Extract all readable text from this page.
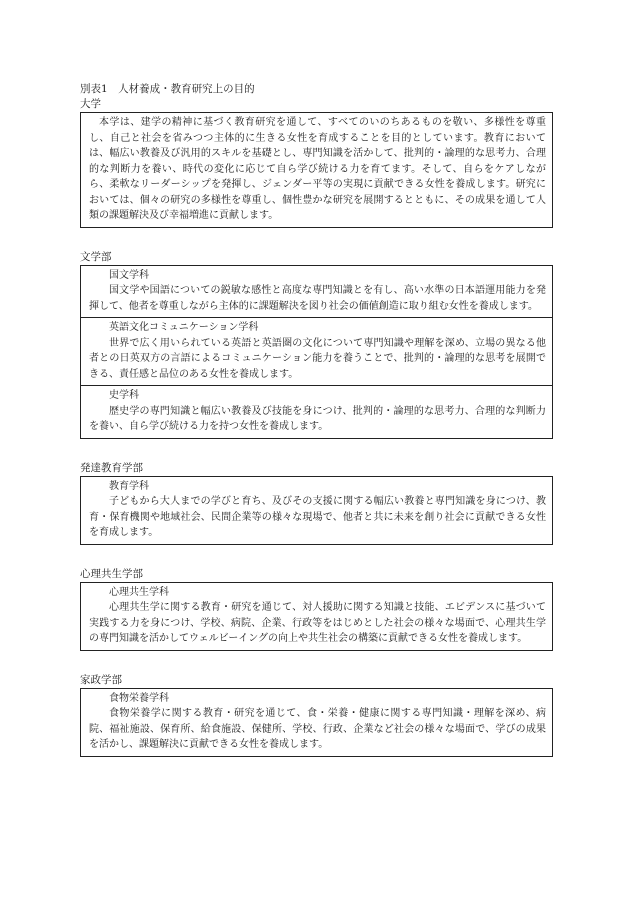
別表1　人材養成・教育研究上の目的

大学

本学は、建学の精神に基づく教育研究を通して、すべてのいのちあるものを敬い、多様性を尊重し、自己と社会を省みつつ主体的に生きる女性を育成することを目的としています。教育においては、幅広い教養及び汎用的スキルを基礎とし、専門知識を活かして、批判的・論理的な思考力、合理的な判断力を養い、時代の変化に応じて自ら学び続ける力を育てます。そして、自らをケアしながら、柔軟なリーダーシップを発揮し、ジェンダー平等の実現に貢献できる女性を養成します。研究においては、個々の研究の多様性を尊重し、個性豊かな研究を展開するとともに、その成果を通して人類の課題解決及び幸福増進に貢献します。

文学部

国文学科
国文学や国語についての鋭敏な感性と高度な専門知識とを有し、高い水準の日本語運用能力を発揮して、他者を尊重しながら主体的に課題解決を図り社会の価値創造に取り組む女性を養成します。
英語文化コミュニケーション学科
世界で広く用いられている英語と英語圏の文化について専門知識や理解を深め、立場の異なる他者との日英双方の言語によるコミュニケーション能力を養うことで、批判的・論理的な思考を展開できる、責任感と品位のある女性を養成します。
史学科
歴史学の専門知識と幅広い教養及び技能を身につけ、批判的・論理的な思考力、合理的な判断力を養い、自ら学び続ける力を持つ女性を養成します。

発達教育学部

教育学科
子どもから大人までの学びと育ち、及びその支援に関する幅広い教養と専門知識を身につけ、教育・保育機関や地域社会、民間企業等の様々な現場で、他者と共に未来を創り社会に貢献できる女性を育成します。

心理共生学部

心理共生学科
心理共生学に関する教育・研究を通じて、対人援助に関する知識と技能、エビデンスに基づいて実践する力を身につけ、学校、病院、企業、行政等をはじめとした社会の様々な場面で、心理共生学の専門知識を活かしてウェルビーイングの向上や共生社会の構築に貢献できる女性を養成します。

家政学部

食物栄養学科
食物栄養学に関する教育・研究を通じて、食・栄養・健康に関する専門知識・理解を深め、病院、福祉施設、保育所、給食施設、保健所、学校、行政、企業など社会の様々な場面で、学びの成果を活かし、課題解決に貢献できる女性を養成します。
